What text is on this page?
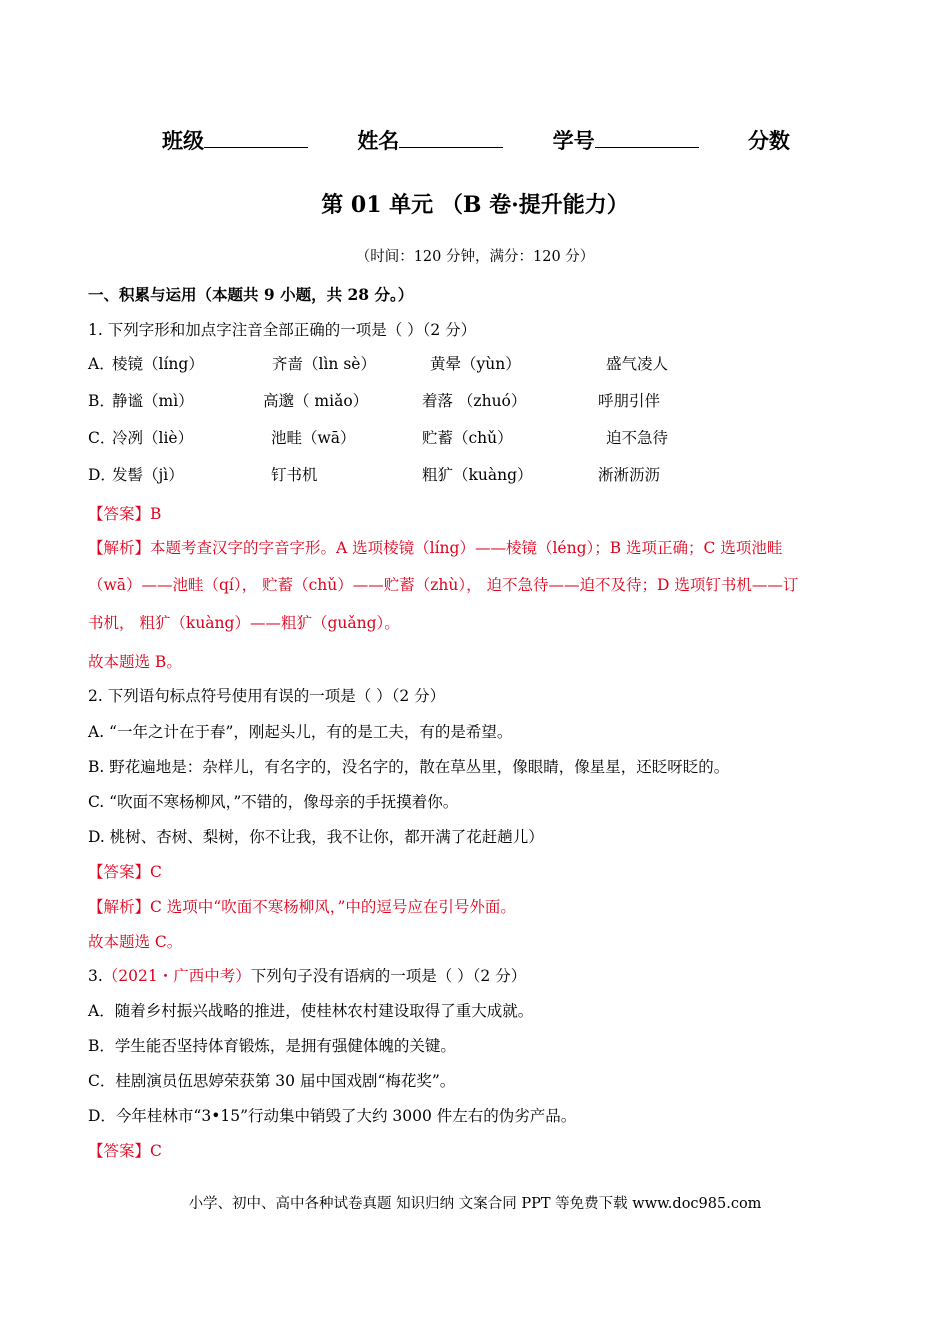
班级	姓名	学号	分数
第 01 单元 （B 卷·提升能力）
（时间：120 分钟，满分：120 分）
一、积累与运用（本题共 9 小题，共 28 分。）
1. 下列字形和加点字注音全部正确的一项是（ ）（2 分）
A．
棱镜（líng）	齐啬（lìn sè）	黄晕（yùn）	盛气凌人
B．
静谧（mì）	高邈（ miǎo）	着落 （zhuó）	呼朋引伴
C．
冷冽（liè）	池畦（wā）	贮蓄（chǔ）	迫不急待
D．
发髻（jì）	钉书机	粗犷（kuàng）	淅淅沥沥
【答案】B
【解析】本题考查汉字的字音字形。A 选项棱镜（líng）——棱镜（léng）；B 选项正确；C 选项池畦
（wā）——池畦（qí）， 贮蓄（chǔ）——贮蓄（zhù）， 迫不急待——迫不及待；D 选项钉书机——订
书机， 粗犷（kuàng）——粗犷（guǎng）。
故本题选 B。
2. 下列语句标点符号使用有误的一项是（ ）（2 分）
A. “一年之计在于春”，刚起头儿，有的是工夫，有的是希望。
B. 野花遍地是：杂样儿，有名字的，没名字的，散在草丛里，像眼睛，像星星，还眨呀眨的。
C. “吹面不寒杨柳风，”不错的，像母亲的手抚摸着你。
D. 桃树、杏树、梨树，你不让我，我不让你，都开满了花赶趟儿）
【答案】C
【解析】C 选项中“吹面不寒杨柳风，”中的逗号应在引号外面。
故本题选 C。
3.（2021・广西中考）下列句子没有语病的一项是（ ）（2 分）
A．随着乡村振兴战略的推进，使桂林农村建设取得了重大成就。
B．学生能否坚持体育锻炼，是拥有强健体魄的关键。
C．桂剧演员伍思婷荣获第 30 届中国戏剧“梅花奖”。
D．今年桂林市“3•15”行动集中销毁了大约 3000 件左右的伪劣产品。
【答案】C
小学、初中、高中各种试卷真题 知识归纳 文案合同 PPT 等免费下载 www.doc985.com
